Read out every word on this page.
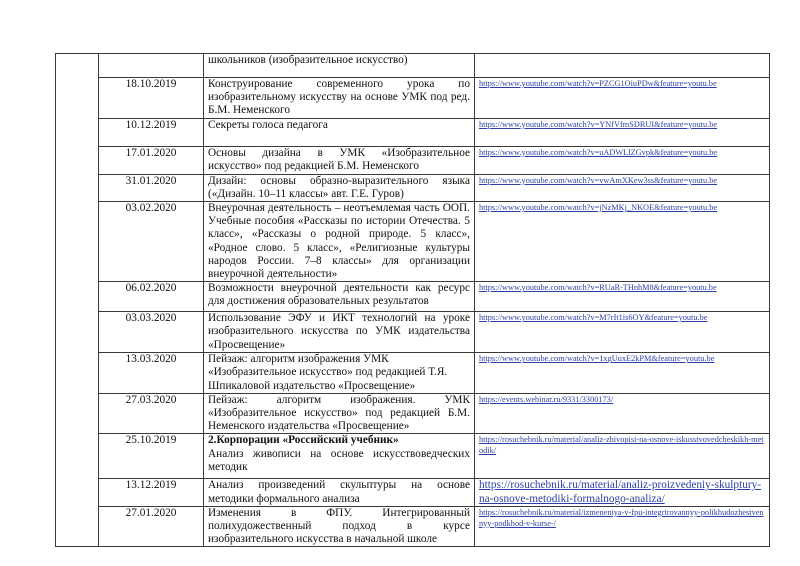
		школьников (изобразительное искусство)	
	18.10.2019	Конструирование современного урока по изобразительному искусству на основе УМК под ред. Б.М. Неменского	https://www.youtube.com/watch?v=PZCG1OiuPDw&feature=youtu.be
	10.12.2019	Секреты голоса педагога	https://www.youtube.com/watch?v=YNfVfmSDRUI&feature=youtu.be
	17.01.2020	Основы дизайна в УМК «Изобразительное искусство» под редакцией Б.М. Неменского	https://www.youtube.com/watch?v=uADWLlZGvpk&feature=youtu.be
	31.01.2020	Дизайн: основы образно-выразительного языка («Дизайн. 10–11 классы» авт. Г.Е. Гуров)	https://www.youtube.com/watch?v=vwAmXKew3ss&feature=youtu.be
	03.02.2020	Внеурочная деятельность – неотъемлемая часть ООП. Учебные пособия «Рассказы по истории Отечества. 5 класс», «Рассказы о родной природе. 5 класс», «Родное слово. 5 класс», «Религиозные культуры народов России. 7–8 классы» для организации внеурочной деятельности»	https://www.youtube.com/watch?v=jNzMKj_NKOE&feature=youtu.be
	06.02.2020	Возможности внеурочной деятельности как ресурс для достижения образовательных результатов	https://www.youtube.com/watch?v=RUaR-THnhM8&feature=youtu.be
	03.03.2020	Использование ЭФУ и ИКТ технологий на уроке изобразительного искусства по УМК издательства «Просвещение»	https://www.youtube.com/watch?v=M7rIt1is6OY&feature=youtu.be
	13.03.2020	Пейзаж: алгоритм изображения УМК «Изобразительное искусство» под редакцией Т.Я. Шпикаловой издательство «Просвещение»	https://www.youtube.com/watch?v=1xgUuxE2kPM&feature=youtu.be
	27.03.2020	Пейзаж: алгоритм изображения. УМК «Изобразительное искусство» под редакцией Б.М. Неменского издательства «Просвещение»	https://events.webinar.ru/9331/3300173/
	25.10.2019	2.Корпорации «Российский учебник»
Анализ живописи на основе искусствоведческих методик	https://rosuchebnik.ru/material/analiz-zhivopisi-na-osnove-iskusstvovedcheskikh-metodik/
	13.12.2019	Анализ произведений скульптуры на основе методики формального анализа	https://rosuchebnik.ru/material/analiz-proizvedeniy-skulptury-na-osnove-metodiki-formalnogo-analiza/
	27.01.2020	Изменения в ФПУ. Интегрированный полихудожественный подход в курсе изобразительного искусства в начальной школе	https://rosuchebnik.ru/material/izmeneniya-v-fpu-integrirovannyy-polikhudozhestvennyy-podkhod-v-kurse-/
